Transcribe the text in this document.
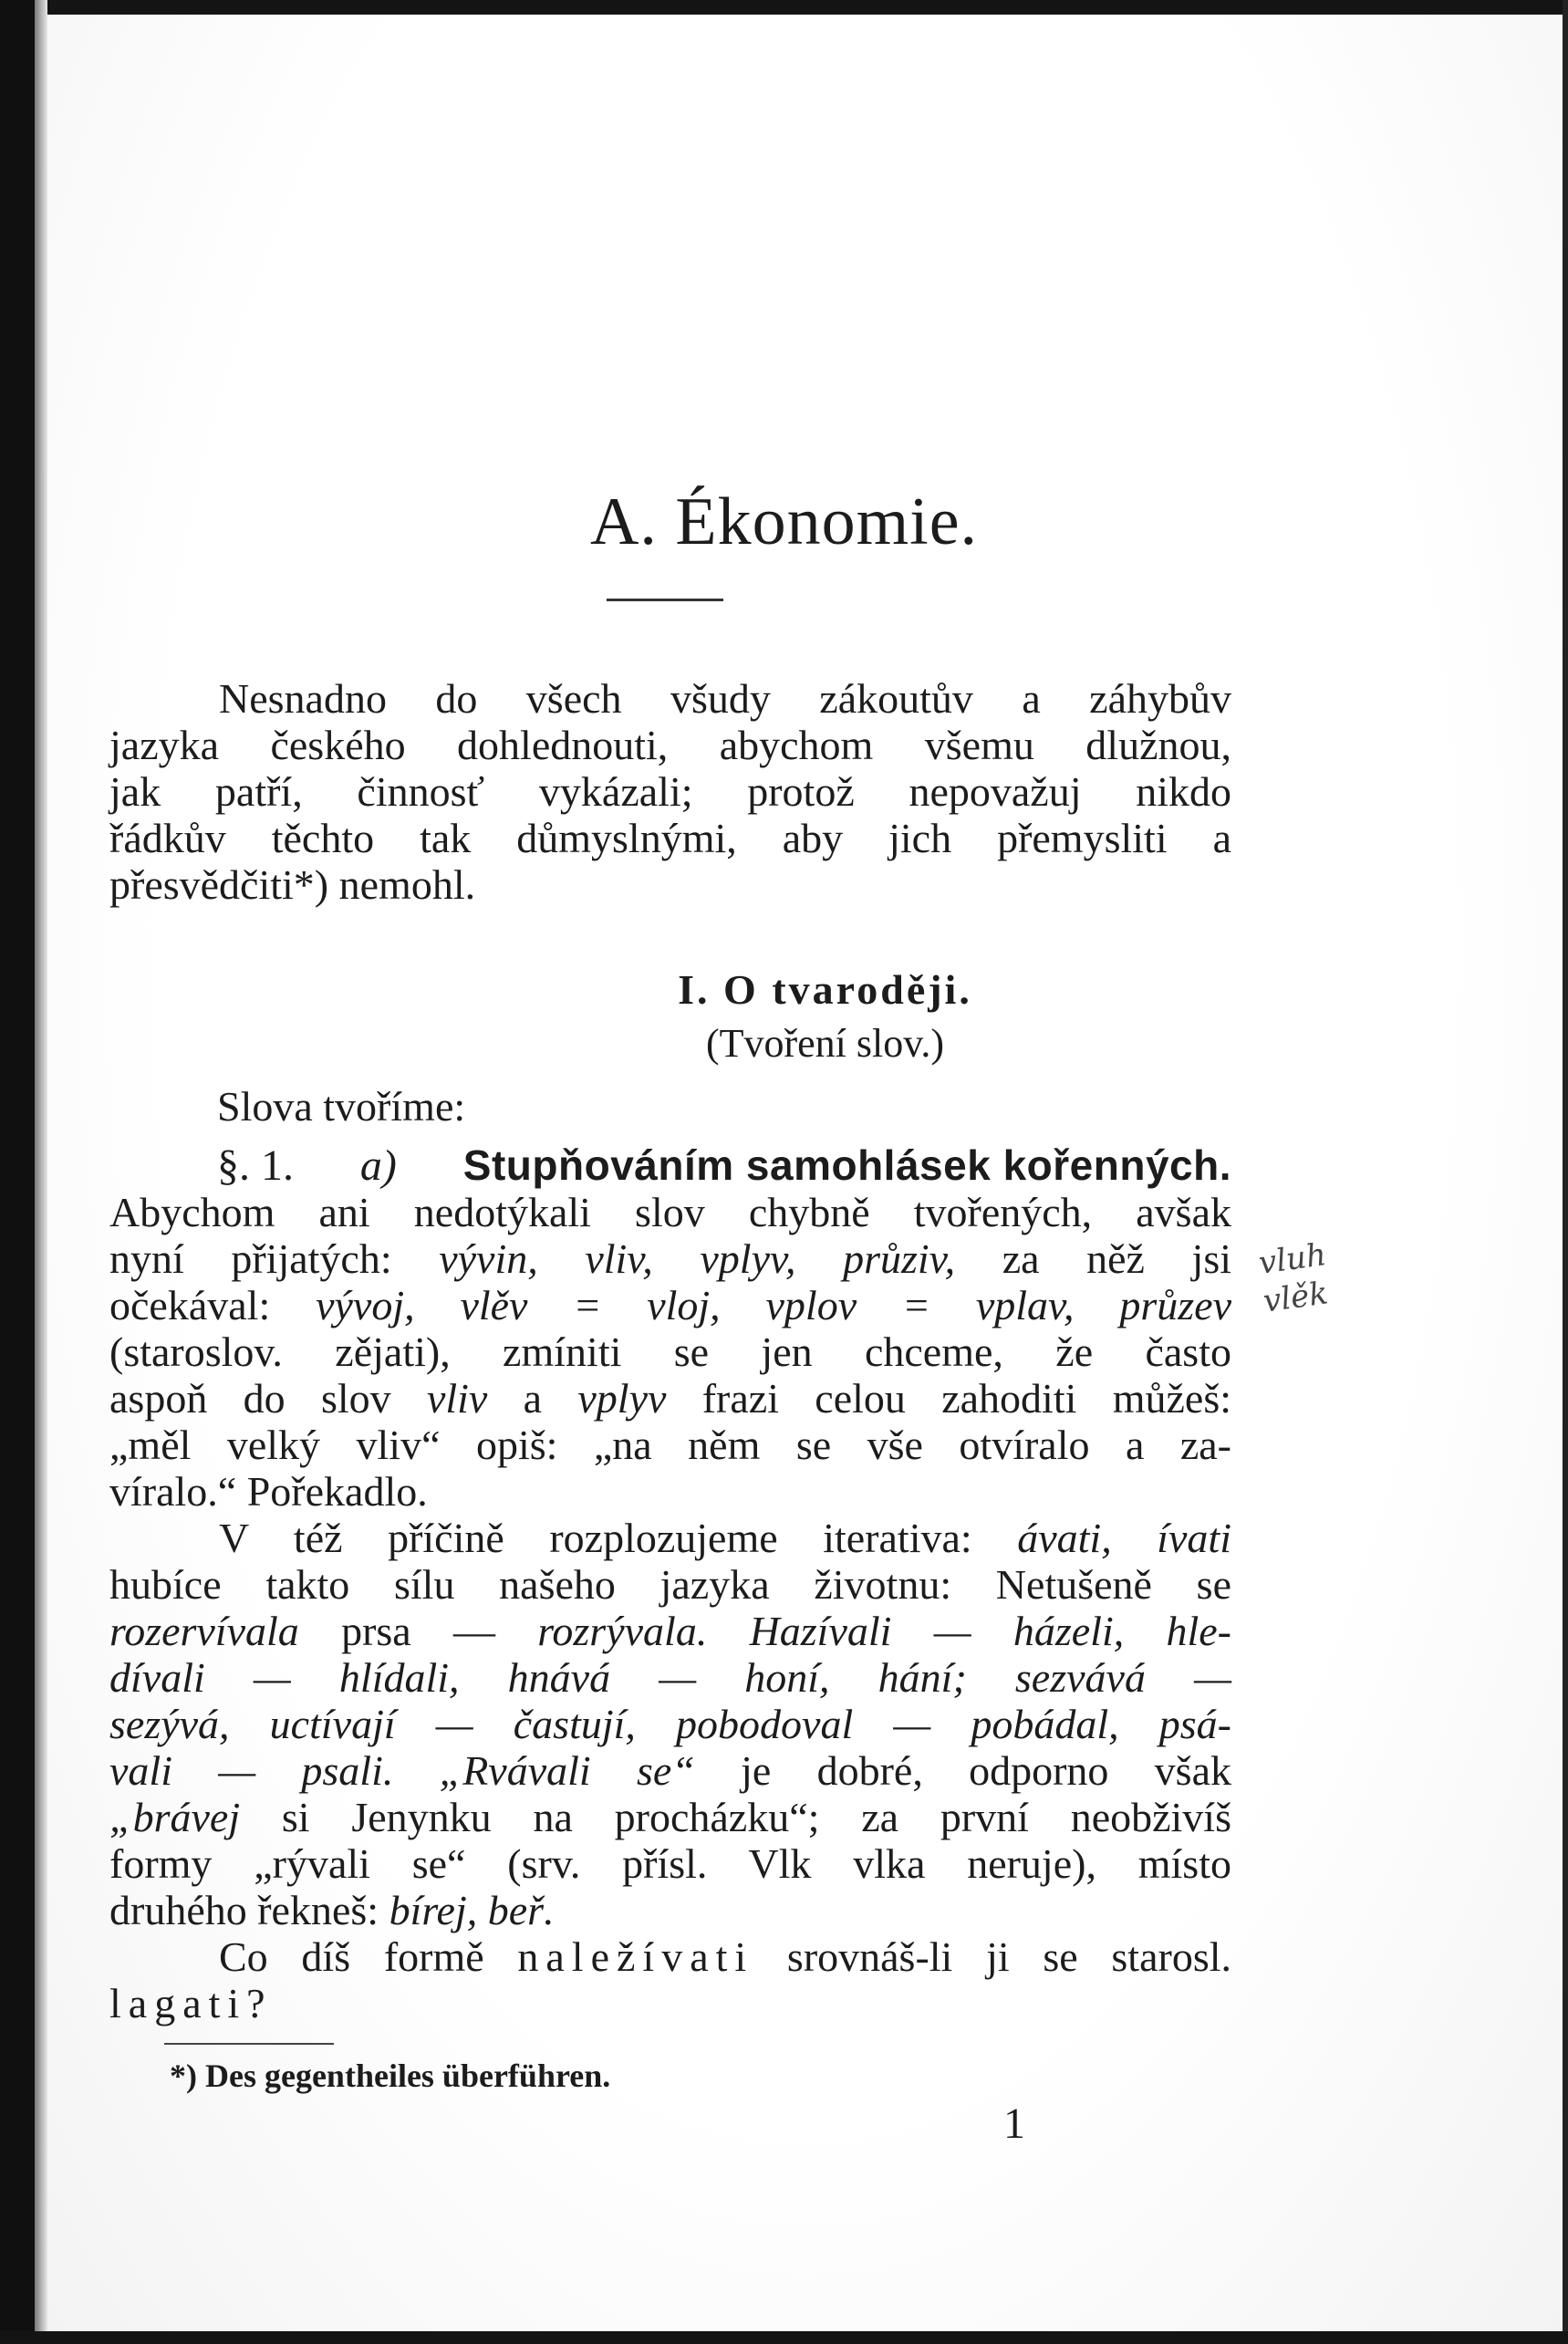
A. Ékonomie.
Nesnadno do všech všudy zákoutův a záhybův
jazyka českého dohlednouti, abychom všemu dlužnou,
jak patří, činnosť vykázali; protož nepovažuj nikdo
řádkův těchto tak důmyslnými, aby jich přemysliti a
přesvědčiti*) nemohl.
I. O tvaroději.
(Tvoření slov.)
Slova tvoříme:
§. 1. a) Stupňováním samohlásek kořenných.
Abychom ani nedotýkali slov chybně tvořených, avšak
nyní přijatých: vývin, vliv, vplyv, průziv, za něž jsi
očekával: vývoj, vlěv = vloj, vplov = vplav, průzev
(staroslov. zějati), zmíniti se jen chceme, že často
aspoň do slov vliv a vplyv frazi celou zahoditi můžeš:
„měl velký vliv“ opiš: „na něm se vše otvíralo a za-
víralo.“ Pořekadlo.
V též příčině rozplozujeme iterativa: ávati, ívati
hubíce takto sílu našeho jazyka životnu: Netušeně se
rozervívala prsa — rozrývala. Hazívali — házeli, hle-
dívali — hlídali, hnává — honí, hání; sezvává —
sezývá, uctívají — častují, pobodoval — pobádal, psá-
vali — psali. „Rvávali se“ je dobré, odporno však
„brávej si Jenynku na procházku“; za první neobživíš
formy „rývali se“ (srv. přísl. Vlk vlka neruje), místo
druhého řekneš: bírej, beř.
Co díš formě naležívati srovnáš-li ji se starosl.
lagati?
vluh
vlěk
*) Des gegentheiles überführen.
1
